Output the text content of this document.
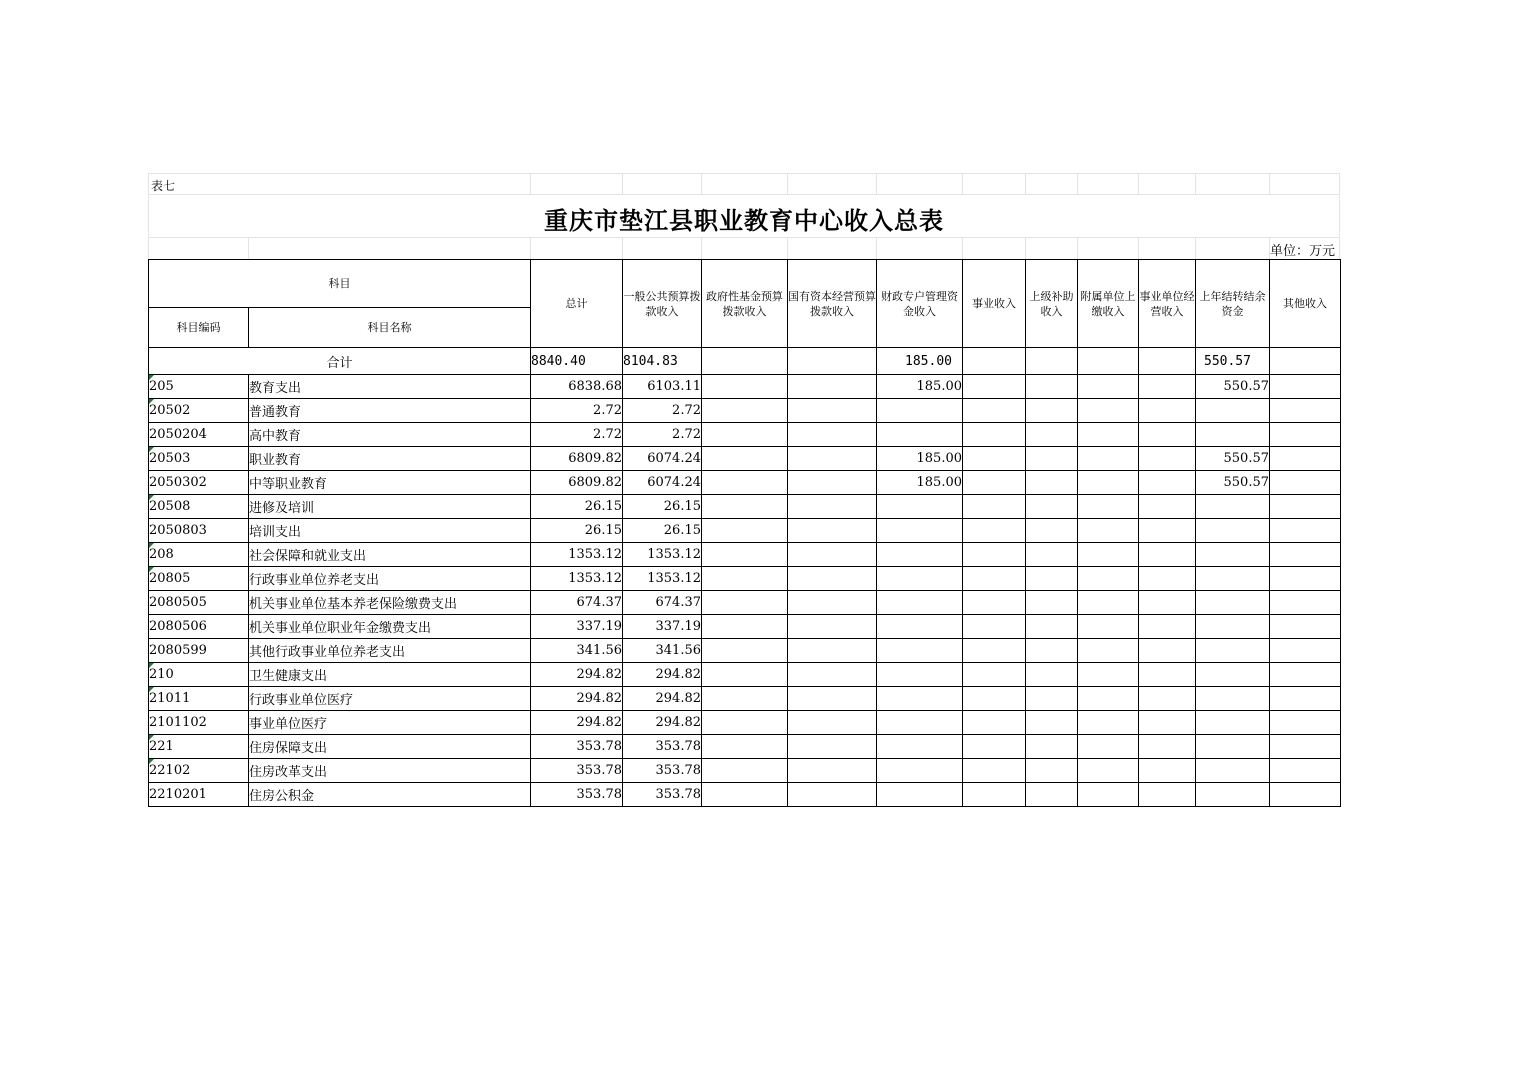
表七
重庆市垫江县职业教育中心收入总表
单位：万元
科目		总计	一般公共预算拨款收入	政府性基金预算拨款收入	国有资本经营预算拨款收入	财政专户管理资金收入	事业收入	上级补助收入	附属单位上缴收入	事业单位经营收入	上年结转结余资金	其他收入
科目编码	科目名称											
合计		8840.40	8104.83			185.00					550.57	

205	教育支出	6838.68	6103.11			185.00					550.57	

20502	普通教育	2.72	2.72									
2050204	高中教育	2.72	2.72									

20503	职业教育	6809.82	6074.24			185.00					550.57	
2050302	中等职业教育	6809.82	6074.24			185.00					550.57	

20508	进修及培训	26.15	26.15									
2050803	培训支出	26.15	26.15									

208	社会保障和就业支出	1353.12	1353.12									

20805	行政事业单位养老支出	1353.12	1353.12									
2080505	机关事业单位基本养老保险缴费支出	674.37	674.37									
2080506	机关事业单位职业年金缴费支出	337.19	337.19									
2080599	其他行政事业单位养老支出	341.56	341.56									

210	卫生健康支出	294.82	294.82									

21011	行政事业单位医疗	294.82	294.82									
2101102	事业单位医疗	294.82	294.82									

221	住房保障支出	353.78	353.78									

22102	住房改革支出	353.78	353.78									
2210201	住房公积金	353.78	353.78									
